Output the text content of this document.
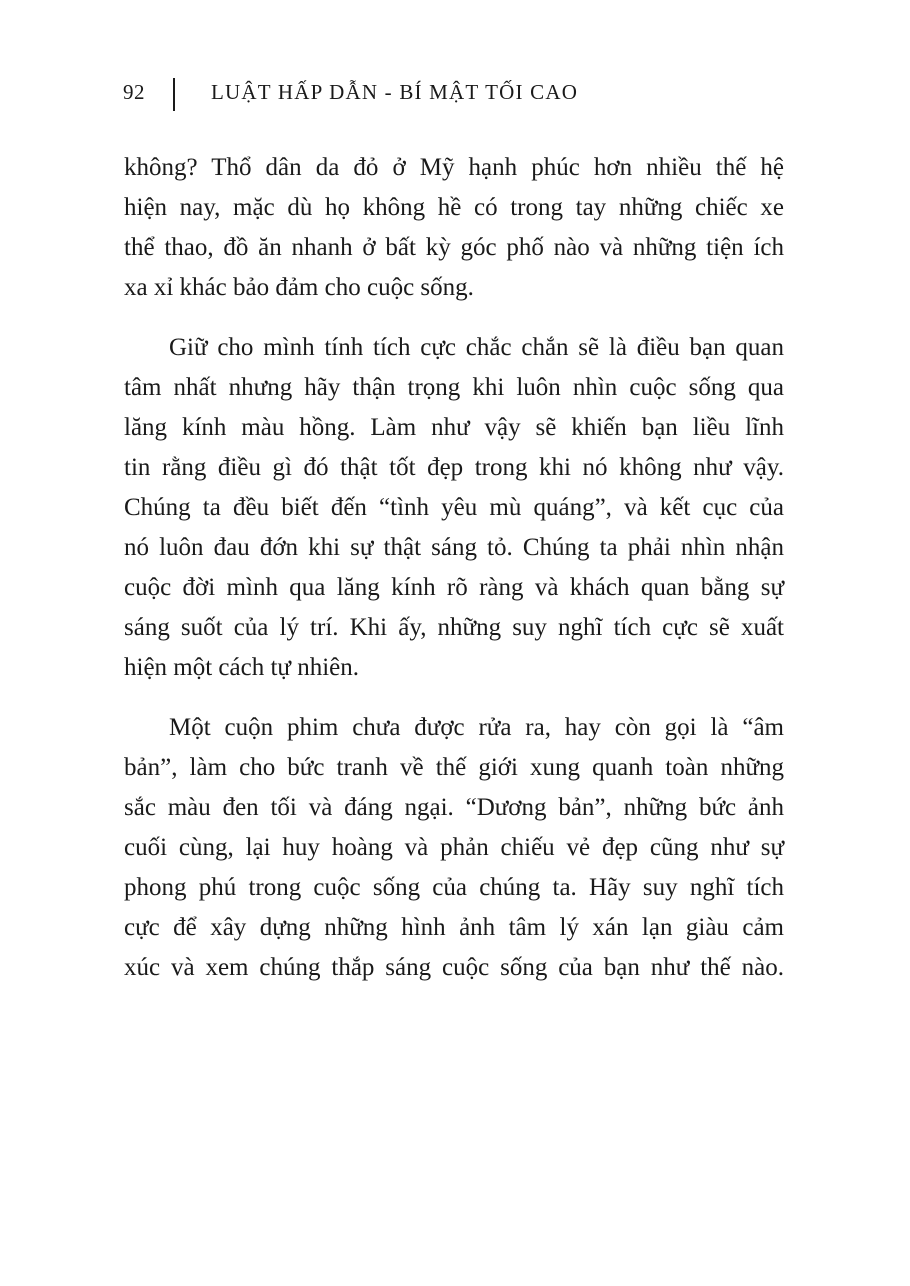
92	LUẬT HẤP DẪN - BÍ MẬT TỐI CAO

không? Thổ dân da đỏ ở Mỹ hạnh phúc hơn nhiều thế hệ
hiện nay, mặc dù họ không hề có trong tay những chiếc xe
thể thao, đồ ăn nhanh ở bất kỳ góc phố nào và những tiện ích
xa xỉ khác bảo đảm cho cuộc sống.

Giữ cho mình tính tích cực chắc chắn sẽ là điều bạn quan
tâm nhất nhưng hãy thận trọng khi luôn nhìn cuộc sống qua
lăng kính màu hồng. Làm như vậy sẽ khiến bạn liều lĩnh
tin rằng điều gì đó thật tốt đẹp trong khi nó không như vậy.
Chúng ta đều biết đến “tình yêu mù quáng”, và kết cục của
nó luôn đau đớn khi sự thật sáng tỏ. Chúng ta phải nhìn nhận
cuộc đời mình qua lăng kính rõ ràng và khách quan bằng sự
sáng suốt của lý trí. Khi ấy, những suy nghĩ tích cực sẽ xuất
hiện một cách tự nhiên.

Một cuộn phim chưa được rửa ra, hay còn gọi là “âm
bản”, làm cho bức tranh về thế giới xung quanh toàn những
sắc màu đen tối và đáng ngại. “Dương bản”, những bức ảnh
cuối cùng, lại huy hoàng và phản chiếu vẻ đẹp cũng như sự
phong phú trong cuộc sống của chúng ta. Hãy suy nghĩ tích
cực để xây dựng những hình ảnh tâm lý xán lạn giàu cảm
xúc và xem chúng thắp sáng cuộc sống của bạn như thế nào.
